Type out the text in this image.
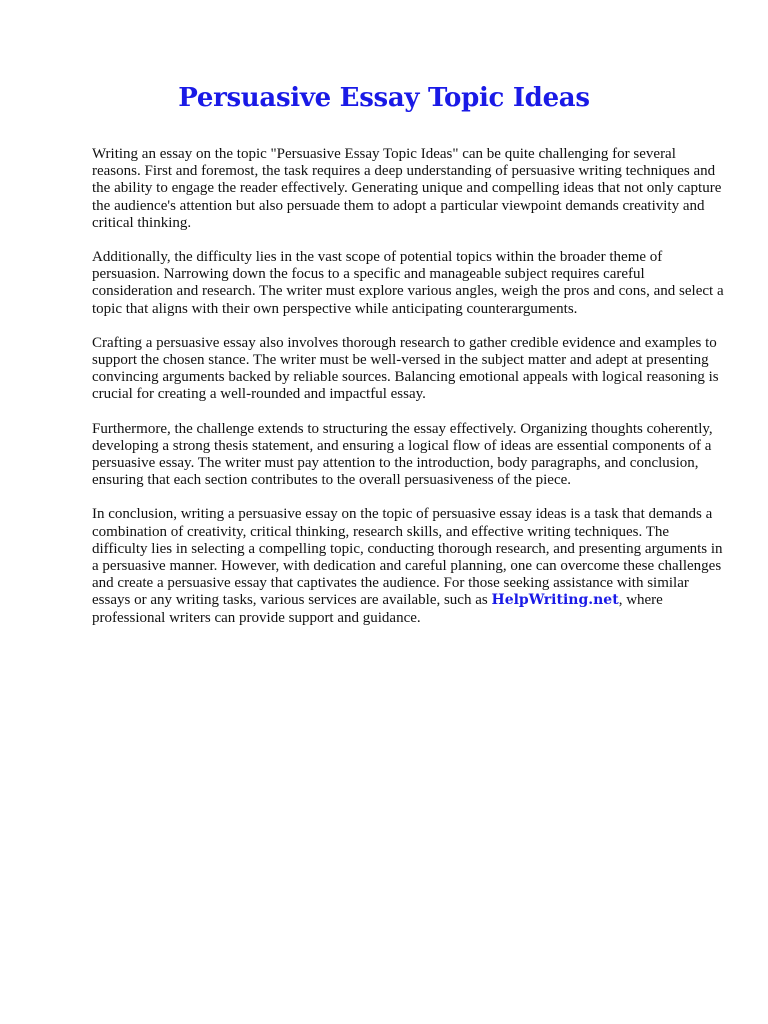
Persuasive Essay Topic Ideas

Writing an essay on the topic "Persuasive Essay Topic Ideas" can be quite challenging for several reasons. First and foremost, the task requires a deep understanding of persuasive writing techniques and the ability to engage the reader effectively. Generating unique and compelling ideas that not only capture the audience's attention but also persuade them to adopt a particular viewpoint demands creativity and critical thinking.

Additionally, the difficulty lies in the vast scope of potential topics within the broader theme of persuasion. Narrowing down the focus to a specific and manageable subject requires careful consideration and research. The writer must explore various angles, weigh the pros and cons, and select a topic that aligns with their own perspective while anticipating counterarguments.

Crafting a persuasive essay also involves thorough research to gather credible evidence and examples to support the chosen stance. The writer must be well-versed in the subject matter and adept at presenting convincing arguments backed by reliable sources. Balancing emotional appeals with logical reasoning is crucial for creating a well-rounded and impactful essay.

Furthermore, the challenge extends to structuring the essay effectively. Organizing thoughts coherently, developing a strong thesis statement, and ensuring a logical flow of ideas are essential components of a persuasive essay. The writer must pay attention to the introduction, body paragraphs, and conclusion, ensuring that each section contributes to the overall persuasiveness of the piece.

In conclusion, writing a persuasive essay on the topic of persuasive essay ideas is a task that demands a combination of creativity, critical thinking, research skills, and effective writing techniques. The difficulty lies in selecting a compelling topic, conducting thorough research, and presenting arguments in a persuasive manner. However, with dedication and careful planning, one can overcome these challenges and create a persuasive essay that captivates the audience. For those seeking assistance with similar essays or any writing tasks, various services are available, such as HelpWriting.net, where professional writers can provide support and guidance.
